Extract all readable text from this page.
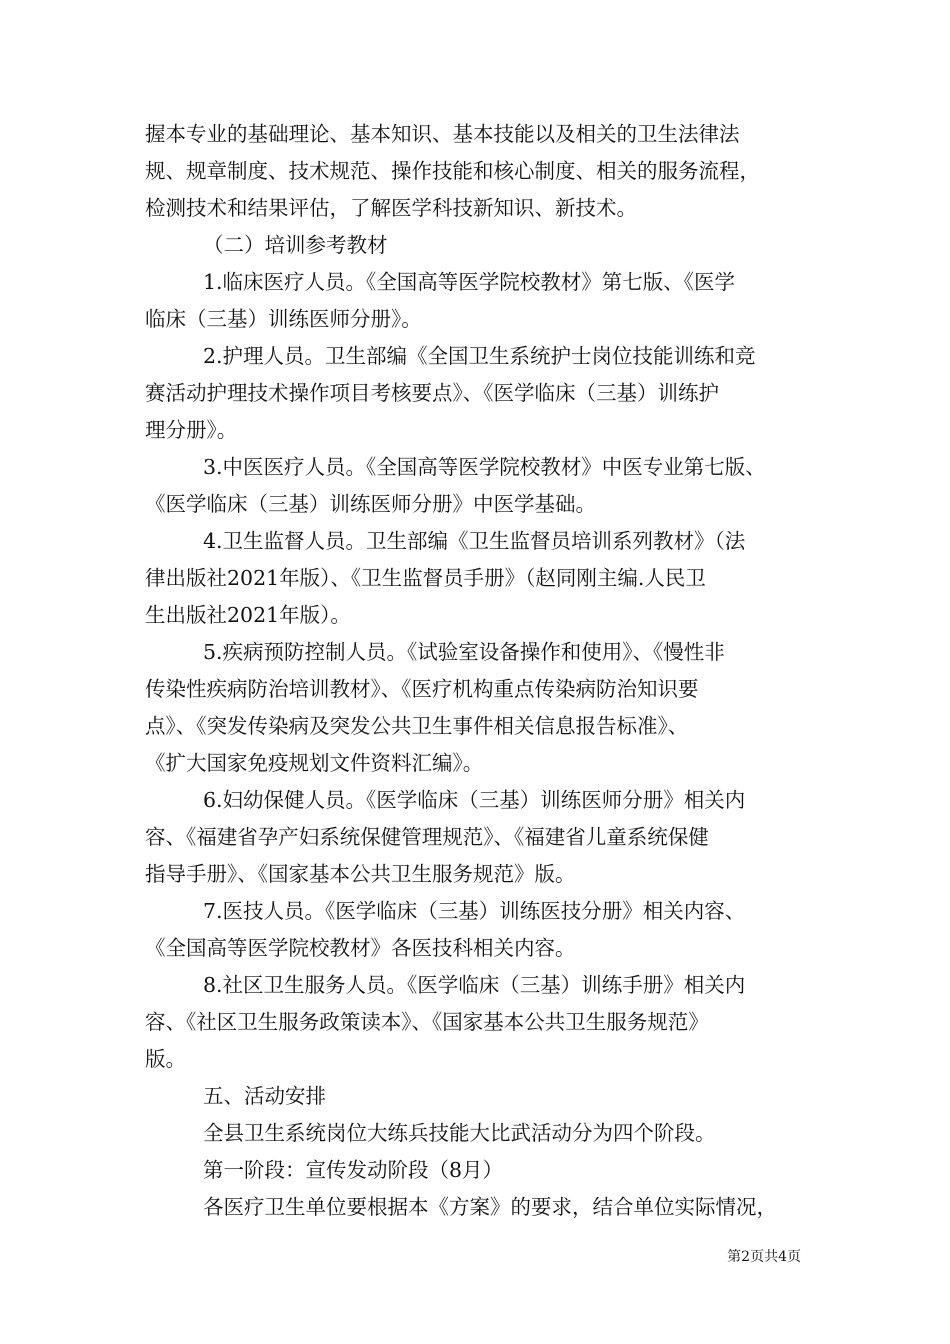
握本专业的基础理论、基本知识、基本技能以及相关的卫生法律法
规、规章制度、技术规范、操作技能和核心制度、相关的服务流程，
检测技术和结果评估，了解医学科技新知识、新技术。
（二）培训参考教材
1.临床医疗人员。《全国高等医学院校教材》第七版、《医学
临床（三基）训练医师分册》。
2.护理人员。卫生部编《全国卫生系统护士岗位技能训练和竞
赛活动护理技术操作项目考核要点》、《医学临床（三基）训练护
理分册》。
3.中医医疗人员。《全国高等医学院校教材》中医专业第七版、
《医学临床（三基）训练医师分册》中医学基础。
4.卫生监督人员。卫生部编《卫生监督员培训系列教材》（法
律出版社2021年版）、《卫生监督员手册》（赵同刚主编.人民卫
生出版社2021年版）。
5.疾病预防控制人员。《试验室设备操作和使用》、《慢性非
传染性疾病防治培训教材》、《医疗机构重点传染病防治知识要
点》、《突发传染病及突发公共卫生事件相关信息报告标准》、
《扩大国家免疫规划文件资料汇编》。
6.妇幼保健人员。《医学临床（三基）训练医师分册》相关内
容、《福建省孕产妇系统保健管理规范》、《福建省儿童系统保健
指导手册》、《国家基本公共卫生服务规范》版。
7.医技人员。《医学临床（三基）训练医技分册》相关内容、
《全国高等医学院校教材》各医技科相关内容。
8.社区卫生服务人员。《医学临床（三基）训练手册》相关内
容、《社区卫生服务政策读本》、《国家基本公共卫生服务规范》
版。
五、活动安排
全县卫生系统岗位大练兵技能大比武活动分为四个阶段。
第一阶段：宣传发动阶段（8月）
各医疗卫生单位要根据本《方案》的要求，结合单位实际情况，
第2页共4页
